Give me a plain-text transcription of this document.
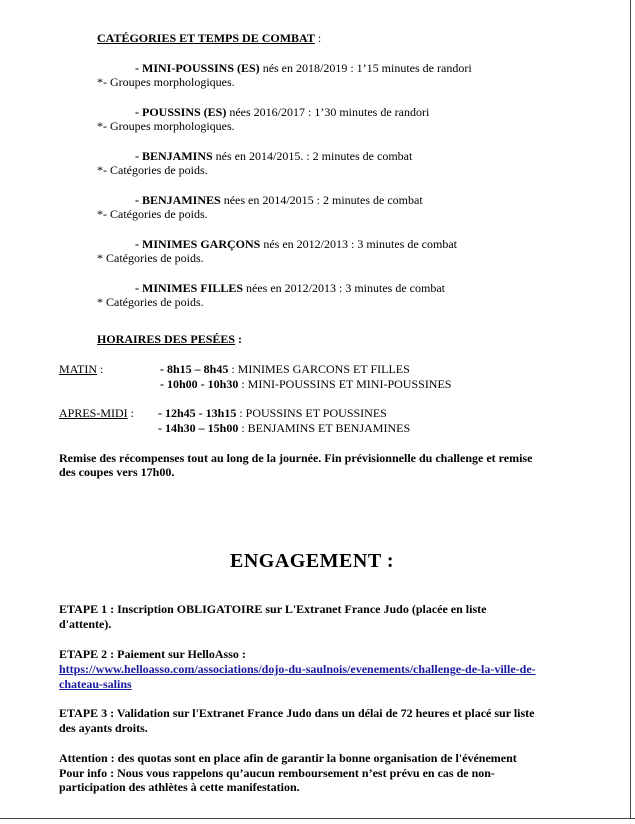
CATÉGORIES ET TEMPS DE COMBAT :
- MINI-POUSSINS (ES) nés en 2018/2019 : 1’15 minutes de randori
*- Groupes morphologiques.
- POUSSINS (ES) nées 2016/2017 : 1’30 minutes de randori
*- Groupes morphologiques.
- BENJAMINS nés en 2014/2015. : 2 minutes de combat
*- Catégories de poids.
- BENJAMINES nées en 2014/2015 : 2 minutes de combat
*- Catégories de poids.
- MINIMES GARÇONS nés en 2012/2013 : 3 minutes de combat
* Catégories de poids.
- MINIMES FILLES nées en 2012/2013 : 3 minutes de combat
* Catégories de poids.
HORAIRES DES PESÉES :
MATIN :	- 8h15 – 8h45 : MINIMES GARCONS ET FILLES
- 10h00 - 10h30 : MINI-POUSSINS ET MINI-POUSSINES
APRES-MIDI : - 12h45 - 13h15 : POUSSINS ET POUSSINES
- 14h30 – 15h00 : BENJAMINS ET BENJAMINES
Remise des récompenses tout au long de la journée. Fin prévisionnelle du challenge et remise
des coupes vers 17h00.
ENGAGEMENT :
ETAPE 1 : Inscription OBLIGATOIRE sur L'Extranet France Judo (placée en liste
d'attente).
ETAPE 2 : Paiement sur HelloAsso :
https://www.helloasso.com/associations/dojo-du-saulnois/evenements/challenge-de-la-ville-de-
chateau-salins
ETAPE 3 : Validation sur l'Extranet France Judo dans un délai de 72 heures et placé sur liste
des ayants droits.
Attention : des quotas sont en place afin de garantir la bonne organisation de l'événement
Pour info : Nous vous rappelons qu’aucun remboursement n’est prévu en cas de non-
participation des athlètes à cette manifestation.
